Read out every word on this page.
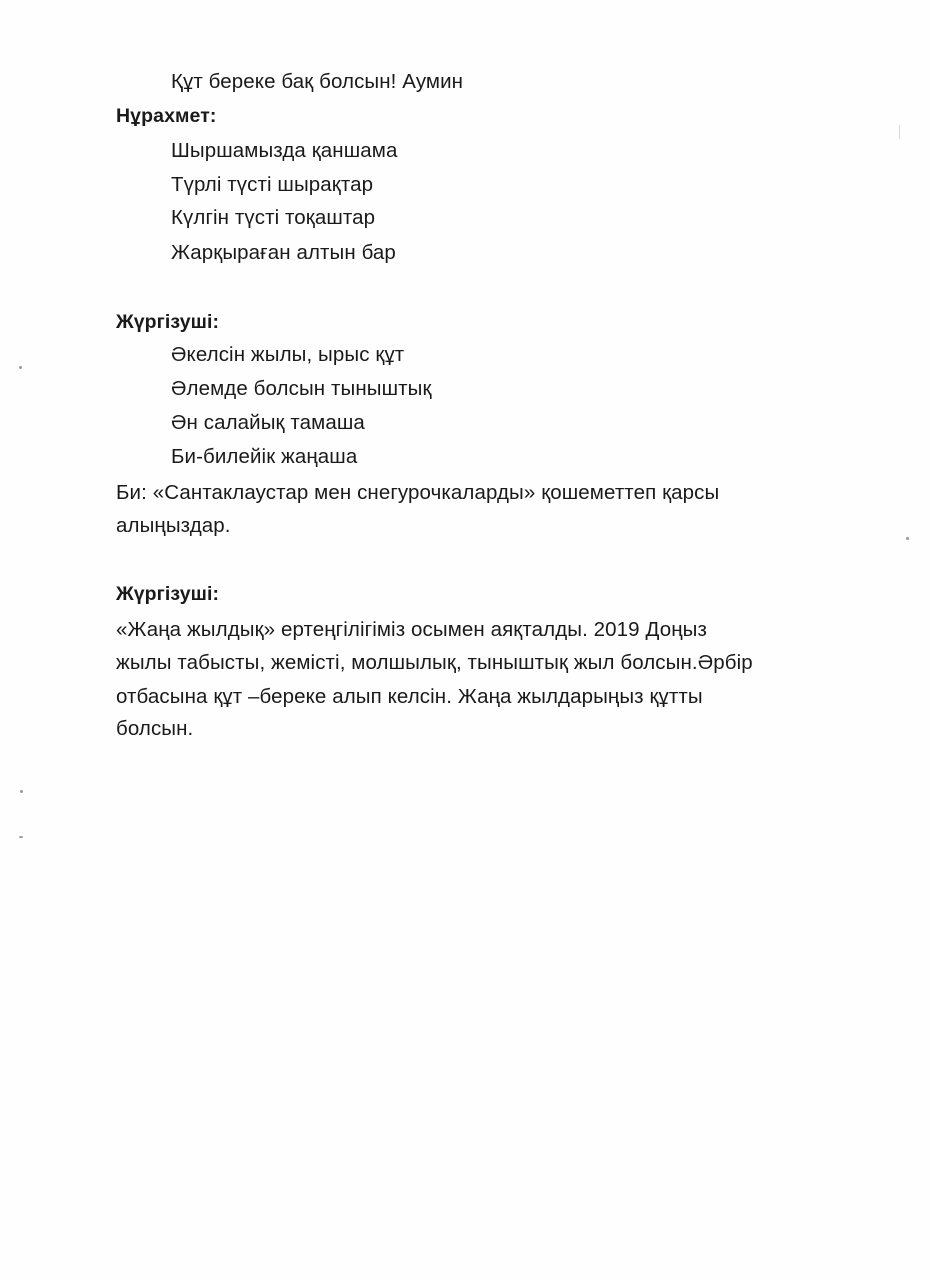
Құт береке бақ болсын! Аумин
Нұрахмет:
Шыршамызда қаншама
Түрлі түсті шырақтар
Күлгін түсті тоқаштар
Жарқыраған алтын бар
Жүргізуші:
Әкелсін жылы, ырыс құт
Әлемде болсын тыныштық
Ән салайық тамаша
Би-билейік жаңаша
Би: «Сантаклаустар мен снегурочкаларды» қошеметтеп қарсы
алыңыздар.
Жүргізуші:
«Жаңа жылдық» ертеңгілігіміз осымен аяқталды. 2019 Доңыз
жылы табысты, жемісті, молшылық, тыныштық жыл болсын.Әрбір
отбасына құт –береке алып келсін. Жаңа жылдарыңыз құтты
болсын.
